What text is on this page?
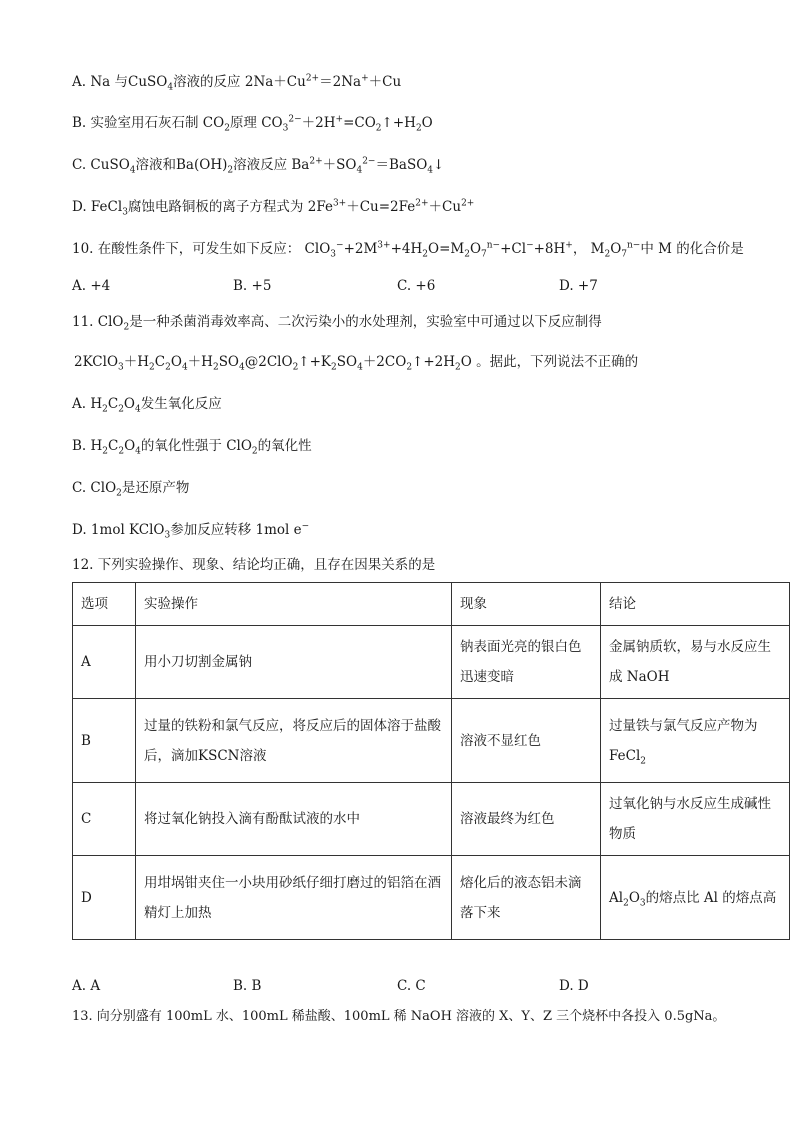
A. Na 与CuSO$_4$溶液的反应 $2Na+Cu^{2+}=2Na^++Cu$
B. 实验室用石灰石制 $CO_2$原理 $CO_3^{2-}+2H^+=CO_2↑+H_2O$
C. CuSO$_4$溶液和$Ba(OH)_2$溶液反应 $Ba^{2+}+SO_4^{2-}=BaSO_4↓$
D. FeCl$_3$腐蚀电路铜板的离子方程式为 $2Fe^{3+}+Cu=2Fe^{2+}+Cu^{2+}$
10. 在酸性条件下，可发生如下反应： $ClO_3^-+2M^{3+}+4H_2O=M_2O_7^{n-}+Cl^-+8H^+$， $M_2O_7^{n-}$中 M 的化合价是
A. +4	B. +5	C. +6	D. +7
11. ClO$_2$是一种杀菌消毒效率高、二次污染小的水处理剂，实验室中可通过以下反应制得
$2KClO_3+H_2C_2O_4+H_2SO_4@2ClO_2↑+K_2SO_4+2CO_2↑+2H_2O$ 。据此，下列说法不正确的
A. $H_2C_2O_4$发生氧化反应
B. $H_2C_2O_4$的氧化性强于 ClO$_2$的氧化性
C. ClO$_2$是还原产物
D. 1mol KClO$_3$参加反应转移 1mol e−
12. 下列实验操作、现象、结论均正确，且存在因果关系的是
选项	实验操作	现象	结论
A	用小刀切割金属钠	钠表面光亮的银白色迅速变暗	金属钠质软，易与水反应生成 NaOH
B	过量的铁粉和氯气反应，将反应后的固体溶于盐酸后，滴加KSCN溶液	溶液不显红色	过量铁与氯气反应产物为 FeCl$_2$
C	将过氧化钠投入滴有酚酞试液的水中	溶液最终为红色	过氧化钠与水反应生成碱性物质
D	用坩埚钳夹住一小块用砂纸仔细打磨过的铝箔在酒精灯上加热	熔化后的液态铝未滴落下来	$Al_2O_3$的熔点比 Al 的熔点高
A. A	B. B	C. C	D. D
13. 向分别盛有 100mL 水、100mL 稀盐酸、100mL 稀 NaOH 溶液的 X、Y、Z 三个烧杯中各投入 0.5gNa。
